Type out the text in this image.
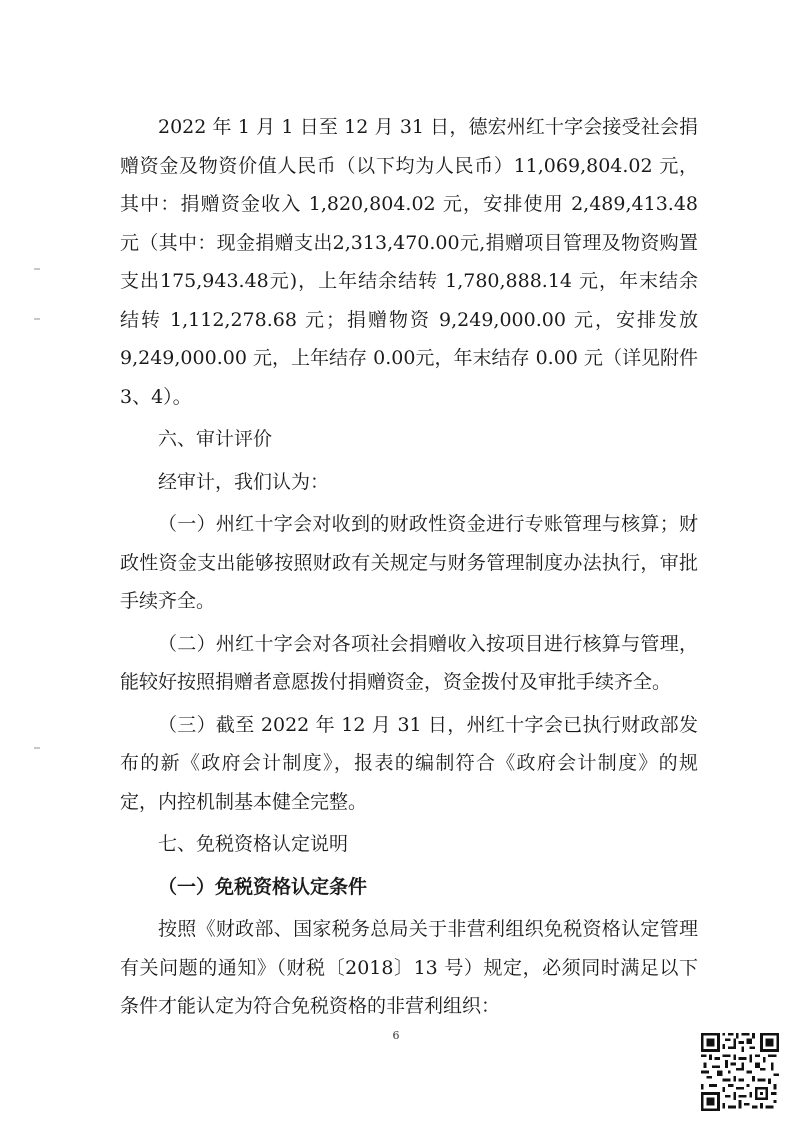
2022 年 1 月 1 日至 12 月 31 日，德宏州红十字会接受社会捐赠资金及物资价值人民币（以下均为人民币）11,069,804.02 元，其中：捐赠资金收入 1,820,804.02 元，安排使用 2,489,413.48 元（其中：现金捐赠支出2,313,470.00元,捐赠项目管理及物资购置支出175,943.48元)，上年结余结转 1,780,888.14 元，年末结余结转 1,112,278.68 元；捐赠物资 9,249,000.00 元，安排发放 9,249,000.00 元，上年结存 0.00元，年末结存 0.00 元（详见附件 3、4）。

六、审计评价

经审计，我们认为：

（一）州红十字会对收到的财政性资金进行专账管理与核算；财政性资金支出能够按照财政有关规定与财务管理制度办法执行，审批手续齐全。

（二）州红十字会对各项社会捐赠收入按项目进行核算与管理，能较好按照捐赠者意愿拨付捐赠资金，资金拨付及审批手续齐全。

（三）截至 2022 年 12 月 31 日，州红十字会已执行财政部发布的新《政府会计制度》，报表的编制符合《政府会计制度》的规定，内控机制基本健全完整。

七、免税资格认定说明

（一）免税资格认定条件

按照《财政部、国家税务总局关于非营利组织免税资格认定管理有关问题的通知》（财税〔2018〕13 号）规定，必须同时满足以下条件才能认定为符合免税资格的非营利组织：

6
